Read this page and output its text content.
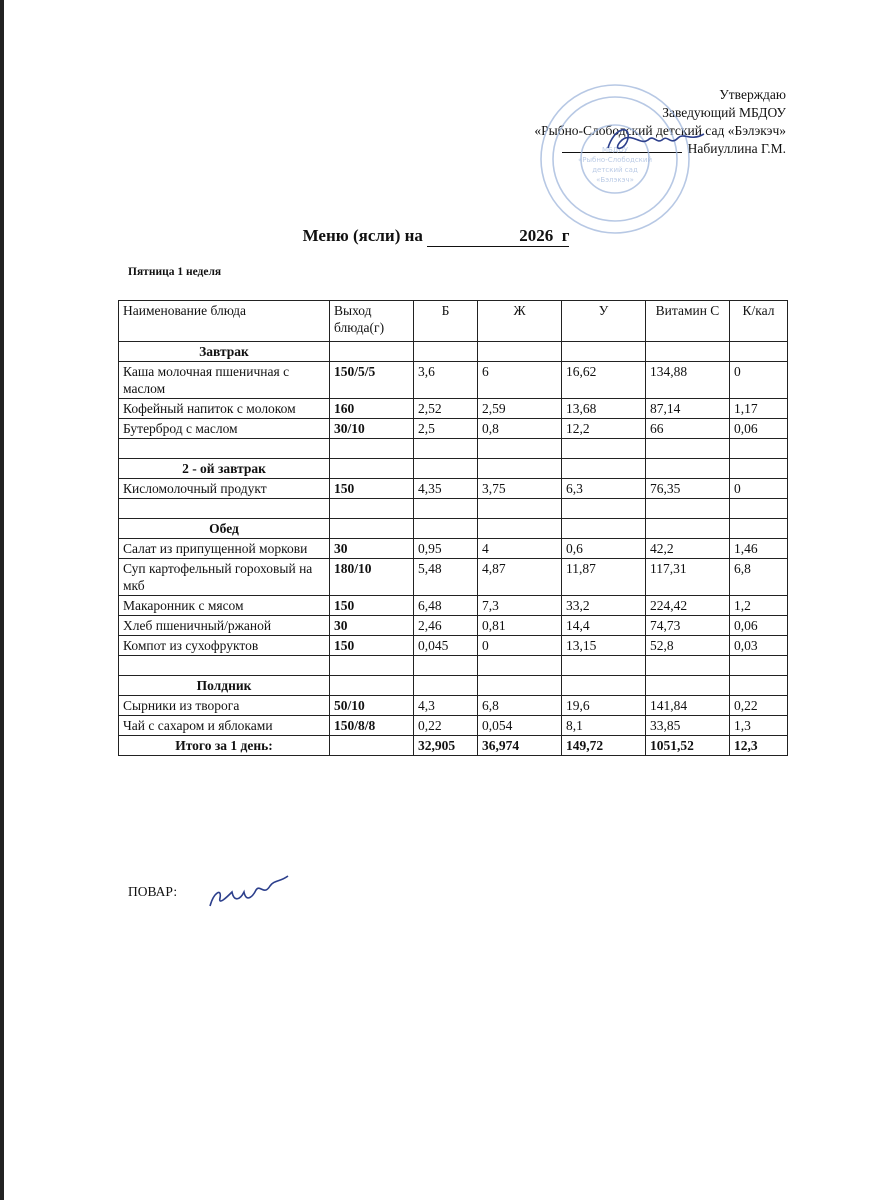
Утверждаю
Заведующий МБДОУ
«Рыбно-Слободский детский сад «Бэлэкэч»
Набиуллина Г.М.
МБДОУ
«Рыбно-Слободский
детский сад
«Бэлэкэч»
Меню (ясли) на	2026 г
Пятница 1 неделя
Наименование блюда	Выход блюда(г)	Б	Ж	У	Витамин С	К/кал
Завтрак						
Каша молочная пшеничная с маслом	150/5/5	3,6	6	16,62	134,88	0
Кофейный напиток с молоком	160	2,52	2,59	13,68	87,14	1,17
Бутерброд с маслом	30/10	2,5	0,8	12,2	66	0,06

2 - ой завтрак						
Кисломолочный продукт	150	4,35	3,75	6,3	76,35	0

Обед						
Салат из припущенной моркови	30	0,95	4	0,6	42,2	1,46
Суп картофельный гороховый на мкб	180/10	5,48	4,87	11,87	117,31	6,8
Макаронник с мясом	150	6,48	7,3	33,2	224,42	1,2
Хлеб пшеничный/ржаной	30	2,46	0,81	14,4	74,73	0,06
Компот из сухофруктов	150	0,045	0	13,15	52,8	0,03

Полдник						
Сырники из творога	50/10	4,3	6,8	19,6	141,84	0,22
Чай с сахаром и яблоками	150/8/8	0,22	0,054	8,1	33,85	1,3
Итого за 1 день:		32,905	36,974	149,72	1051,52	12,3
ПОВАР:
